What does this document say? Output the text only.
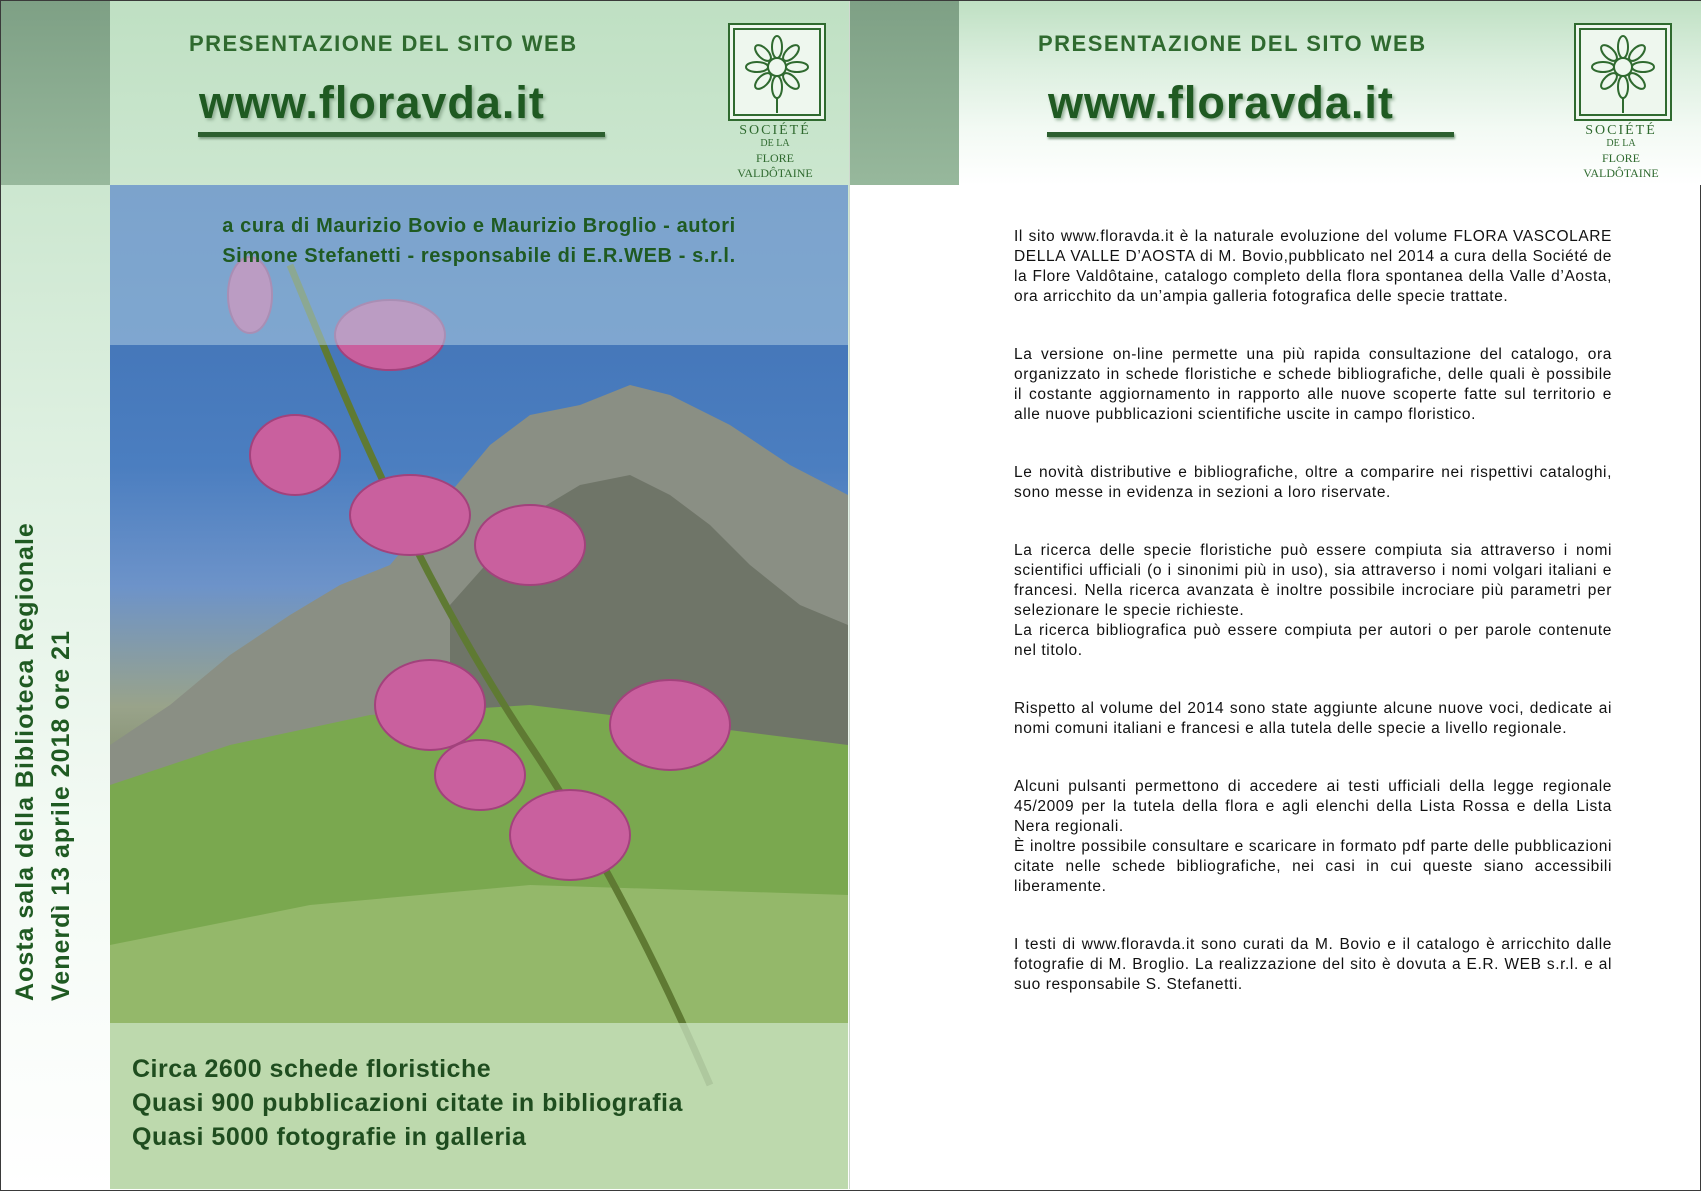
PRESENTAZIONE DEL SITO WEB
www.floravda.it
SOCIÉTÉ
DE LA
FLORE VALDÔTAINE
Aosta sala della Biblioteca Regionale Venerdì 13 aprile 2018 ore 21
a cura di Maurizio Bovio e Maurizio Broglio - autori
Simone Stefanetti - responsabile di E.R.WEB - s.r.l.
Circa 2600 schede floristiche
Quasi 900 pubblicazioni citate in bibliografia
Quasi 5000 fotografie in galleria
PRESENTAZIONE DEL SITO WEB
www.floravda.it
SOCIÉTÉ
DE LA
FLORE VALDÔTAINE

Il sito www.floravda.it è la naturale evoluzione del volume FLORA VASCOLARE DELLA VALLE D’AOSTA di M. Bovio,pubblicato nel 2014 a cura della Société de la Flore Valdôtaine, catalogo completo della flora spontanea della Valle d’Aosta, ora arricchito da un’ampia galleria fotografica delle specie trattate.

La versione on-line permette una più rapida consultazione del catalogo, ora organizzato in schede floristiche e schede bibliografiche, delle quali è possibile il costante aggiornamento in rapporto alle nuove scoperte fatte sul territorio e alle nuove pubblicazioni scientifiche uscite in campo floristico.

Le novità distributive e bibliografiche, oltre a comparire nei rispettivi cataloghi, sono messe in evidenza in sezioni a loro riservate.

La ricerca delle specie floristiche può essere compiuta sia attraverso i nomi scientifici ufficiali (o i sinonimi più in uso), sia attraverso i nomi volgari italiani e francesi. Nella ricerca avanzata è inoltre possibile incrociare più parametri per selezionare le specie richieste.
La ricerca bibliografica può essere compiuta per autori o per parole contenute nel titolo.

Rispetto al volume del 2014 sono state aggiunte alcune nuove voci, dedicate ai nomi comuni italiani e francesi e alla tutela delle specie a livello regionale.

Alcuni pulsanti permettono di accedere ai testi ufficiali della legge regionale 45/2009 per la tutela della flora e agli elenchi della Lista Rossa e della Lista Nera regionali.
È inoltre possibile consultare e scaricare in formato pdf parte delle pubblicazioni citate nelle schede bibliografiche, nei casi in cui queste siano accessibili liberamente.

I testi di www.floravda.it sono curati da M. Bovio e il catalogo è arricchito dalle fotografie di M. Broglio. La realizzazione del sito è dovuta a E.R. WEB s.r.l. e al suo responsabile S. Stefanetti.
